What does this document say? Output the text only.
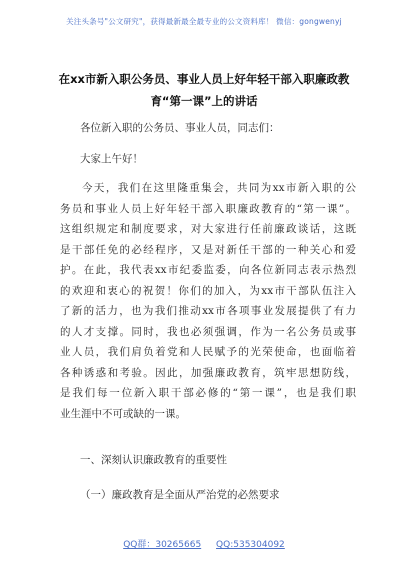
关注头条号"公文研究"，获得最新最全最专业的公文资料库！ 微信：gongwenyj
在xx市新入职公务员、事业人员上好年轻干部入职廉政教
育“第一课”上的讲话
各位新入职的公务员、事业人员，同志们：
大家上午好！
今天，我们在这里隆重集会，共同为xx市新入职的公
务员和事业人员上好年轻干部入职廉政教育的“第一课”。
这组织规定和制度要求，对大家进行任前廉政谈话，这既
是干部任免的必经程序，又是对新任干部的一种关心和爱
护。在此，我代表xx市纪委监委，向各位新同志表示热烈
的欢迎和衷心的祝贺！你们的加入，为xx市干部队伍注入
了新的活力，也为我们推动xx市各项事业发展提供了有力
的人才支撑。同时，我也必须强调，作为一名公务员或事
业人员，我们肩负着党和人民赋予的光荣使命，也面临着
各种诱惑和考验。因此，加强廉政教育，筑牢思想防线，
是我们每一位新入职干部必修的“第一课”，也是我们职
业生涯中不可或缺的一课。
一、深刻认识廉政教育的重要性
（一）廉政教育是全面从严治党的必然要求
QQ群：30265665 QQ:535304092
